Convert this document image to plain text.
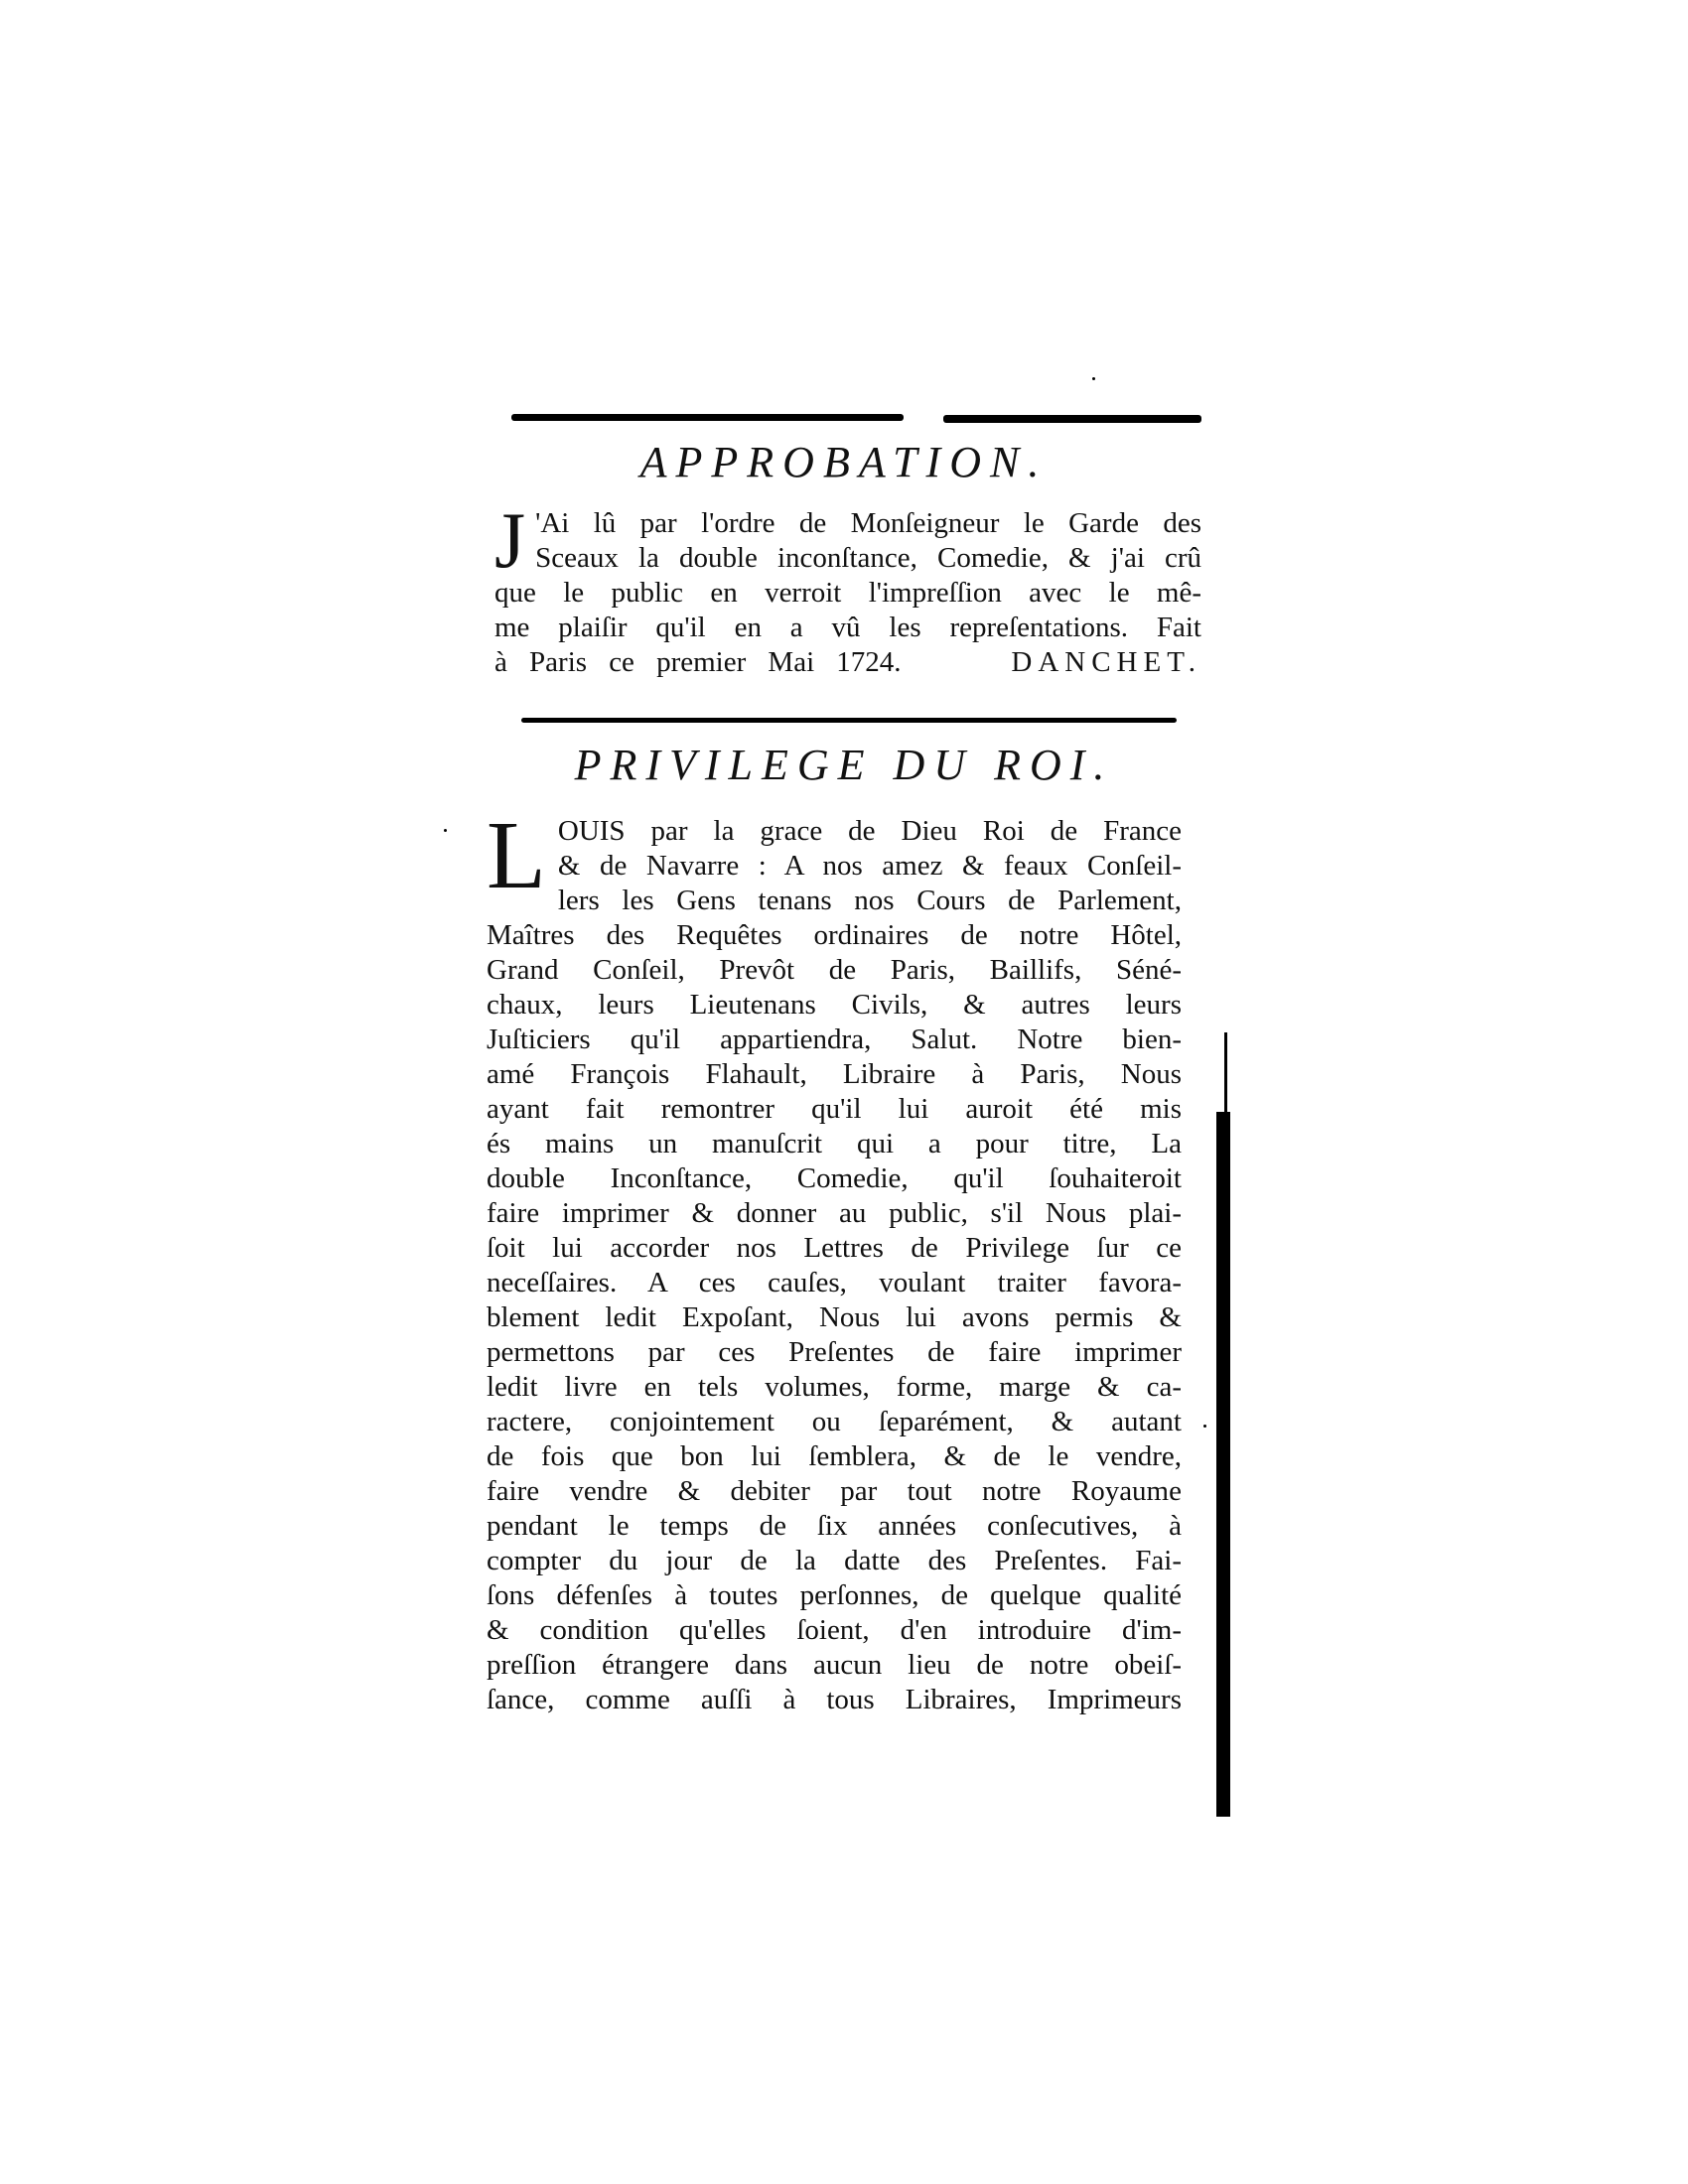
APPROBATION.
J 'Ai lû par l'ordre de Monſeigneur le Garde des
Sceaux la double inconſtance, Comedie, & j'ai crû
que le public en verroit l'impreſſion avec le mê-
me plaiſir qu'il en a vû les repreſentations. Fait
à Paris ce premier Mai 1724.	DANCHET.
PRIVILEGE DU ROI.
L OUIS par la grace de Dieu Roi de France
& de Navarre : A nos amez & feaux Conſeil-
lers les Gens tenans nos Cours de Parlement,
Maîtres des Requêtes ordinaires de notre Hôtel,
Grand Conſeil, Prevôt de Paris, Baillifs, Séné-
chaux, leurs Lieutenans Civils, & autres leurs
Juſticiers qu'il appartiendra, Salut. Notre bien-
amé François Flahault, Libraire à Paris, Nous
ayant fait remontrer qu'il lui auroit été mis
és mains un manuſcrit qui a pour titre, La
double Inconſtance, Comedie, qu'il ſouhaiteroit
faire imprimer & donner au public, s'il Nous plai-
ſoit lui accorder nos Lettres de Privilege ſur ce
neceſſaires. A ces cauſes, voulant traiter favora-
blement ledit Expoſant, Nous lui avons permis &
permettons par ces Preſentes de faire imprimer
ledit livre en tels volumes, forme, marge & ca-
ractere, conjointement ou ſeparément, & autant
de fois que bon lui ſemblera, & de le vendre,
faire vendre & debiter par tout notre Royaume
pendant le temps de ſix années conſecutives, à
compter du jour de la datte des Preſentes. Fai-
ſons défenſes à toutes perſonnes, de quelque qualité
& condition qu'elles ſoient, d'en introduire d'im-
preſſion étrangere dans aucun lieu de notre obeiſ-
ſance, comme auſſi à tous Libraires, Imprimeurs
